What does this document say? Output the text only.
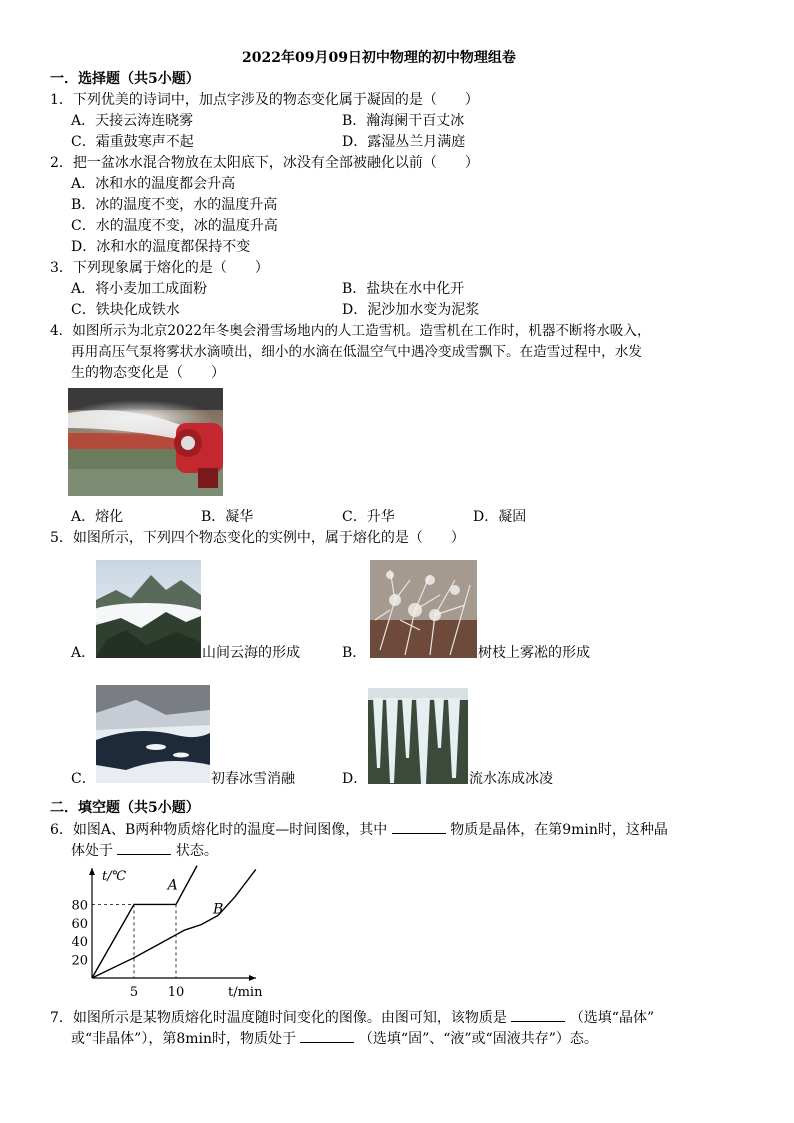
2022年09月09日初中物理的初中物理组卷
一．选择题（共5小题）
1．下列优美的诗词中，加点字涉及的物态变化属于凝固的是（　　）
A．天接云涛连晓雾	B．瀚海阑干百丈冰
C．霜重鼓寒声不起	D．露湿丛兰月满庭
2．把一盆冰水混合物放在太阳底下，冰没有全部被融化以前（　　）
A．冰和水的温度都会升高
B．冰的温度不变，水的温度升高
C．水的温度不变，冰的温度升高
D．冰和水的温度都保持不变
3．下列现象属于熔化的是（　　）
A．将小麦加工成面粉	B．盐块在水中化开
C．铁块化成铁水	D．泥沙加水变为泥浆
4．如图所示为北京2022年冬奥会滑雪场地内的人工造雪机。造雪机在工作时，机器不断将水吸入，
再用高压气泵将雾状水滴喷出，细小的水滴在低温空气中遇冷变成雪飘下。在造雪过程中，水发
生的物态变化是（　　）
A．熔化	B．凝华	C．升华	D．凝固
5．如图所示，下列四个物态变化的实例中，属于熔化的是（　　）
A．	山间云海的形成	B．	树枝上雾凇的形成
C．	初春冰雪消融	D．	流水冻成冰凌
二．填空题（共5小题）
6．如图A、B两种物质熔化时的温度—时间图像，其中	物质是晶体，在第9min时，这种晶
体处于	状态。
t/℃
t/min
20
40
60
80
5 10
A
B
7．如图所示是某物质熔化时温度随时间变化的图像。由图可知，该物质是	（选填“晶体”
或“非晶体”），第8min时，物质处于	（选填“固”、“液”或“固液共存”）态。
